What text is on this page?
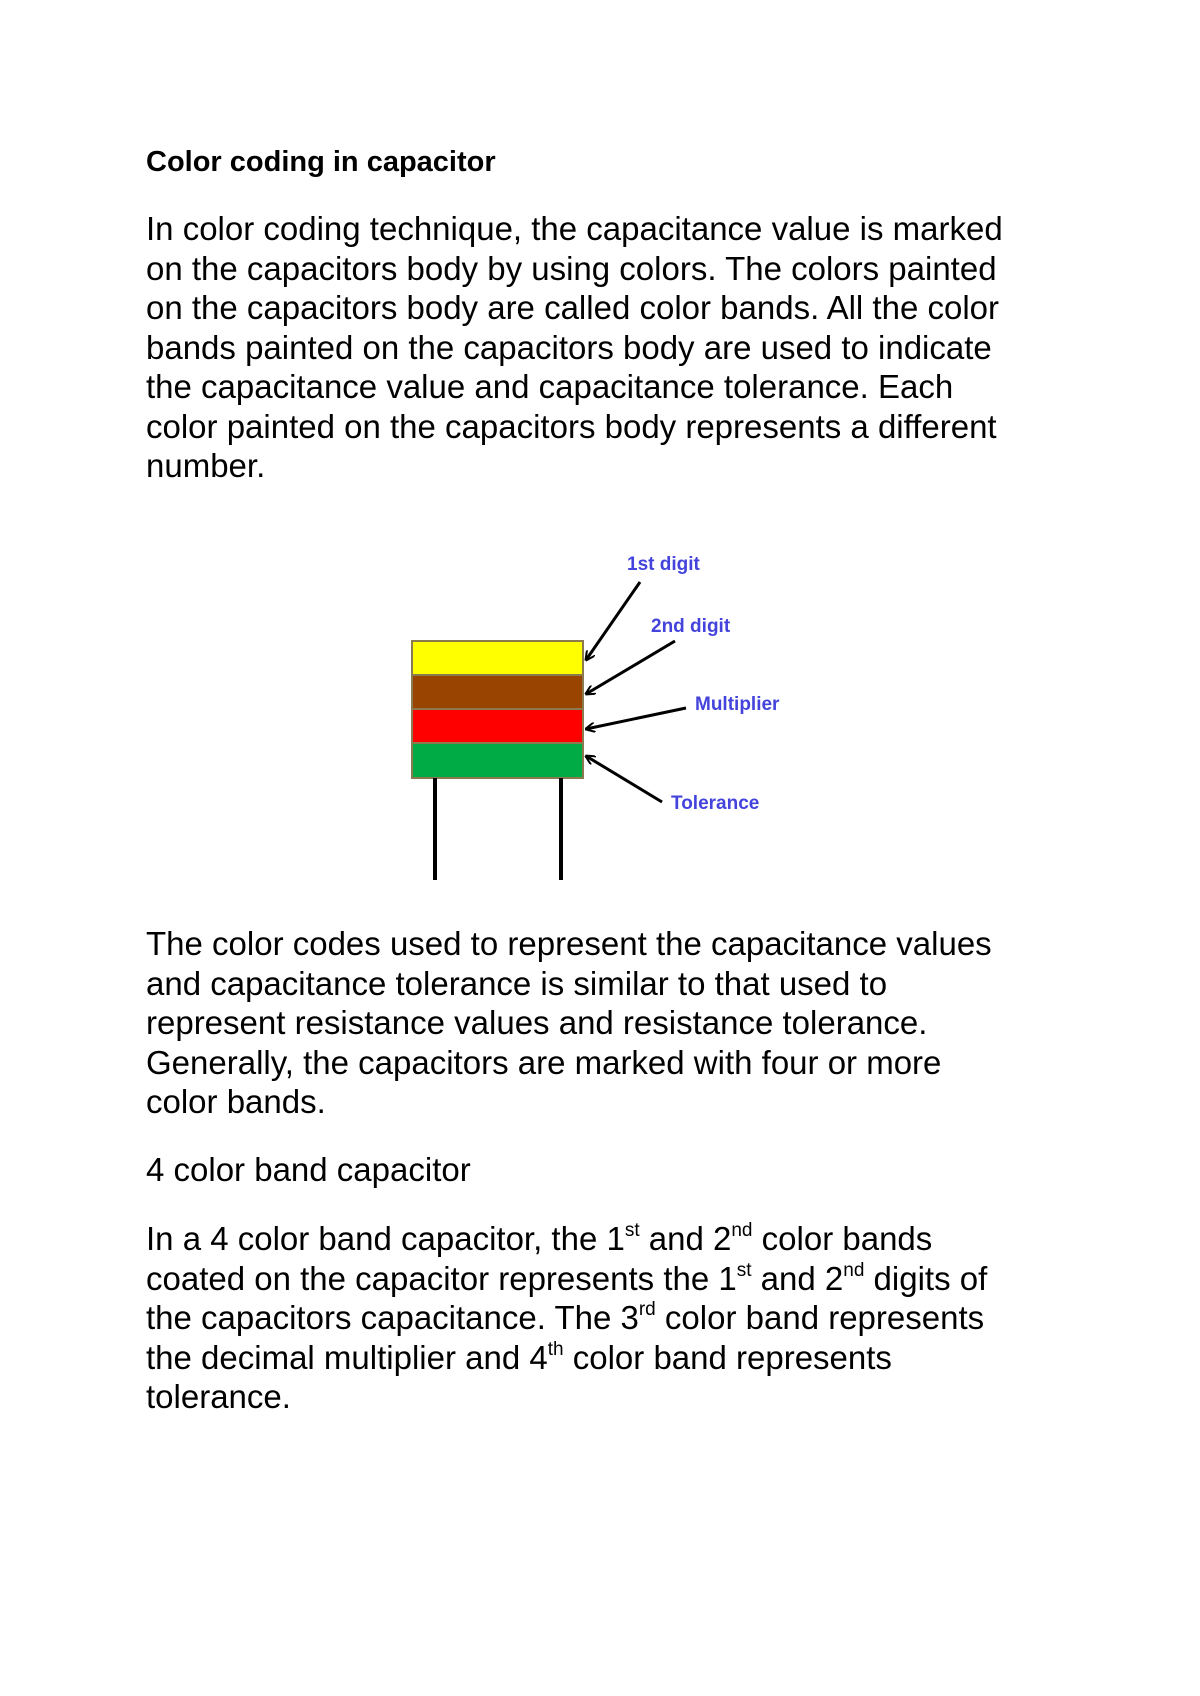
Color coding in capacitor

In color coding technique, the capacitance value is marked
on the capacitors body by using colors. The colors painted
on the capacitors body are called color bands. All the color
bands painted on the capacitors body are used to indicate
the capacitance value and capacitance tolerance. Each
color painted on the capacitors body represents a different
number.

The color codes used to represent the capacitance values
and capacitance tolerance is similar to that used to
represent resistance values and resistance tolerance.
Generally, the capacitors are marked with four or more
color bands.

4 color band capacitor

In a 4 color band capacitor, the 1st and 2nd color bands
coated on the capacitor represents the 1st and 2nd digits of
the capacitors capacitance. The 3rd color band represents
the decimal multiplier and 4th color band represents
tolerance.

1st digit
2nd digit
Multiplier
Tolerance
